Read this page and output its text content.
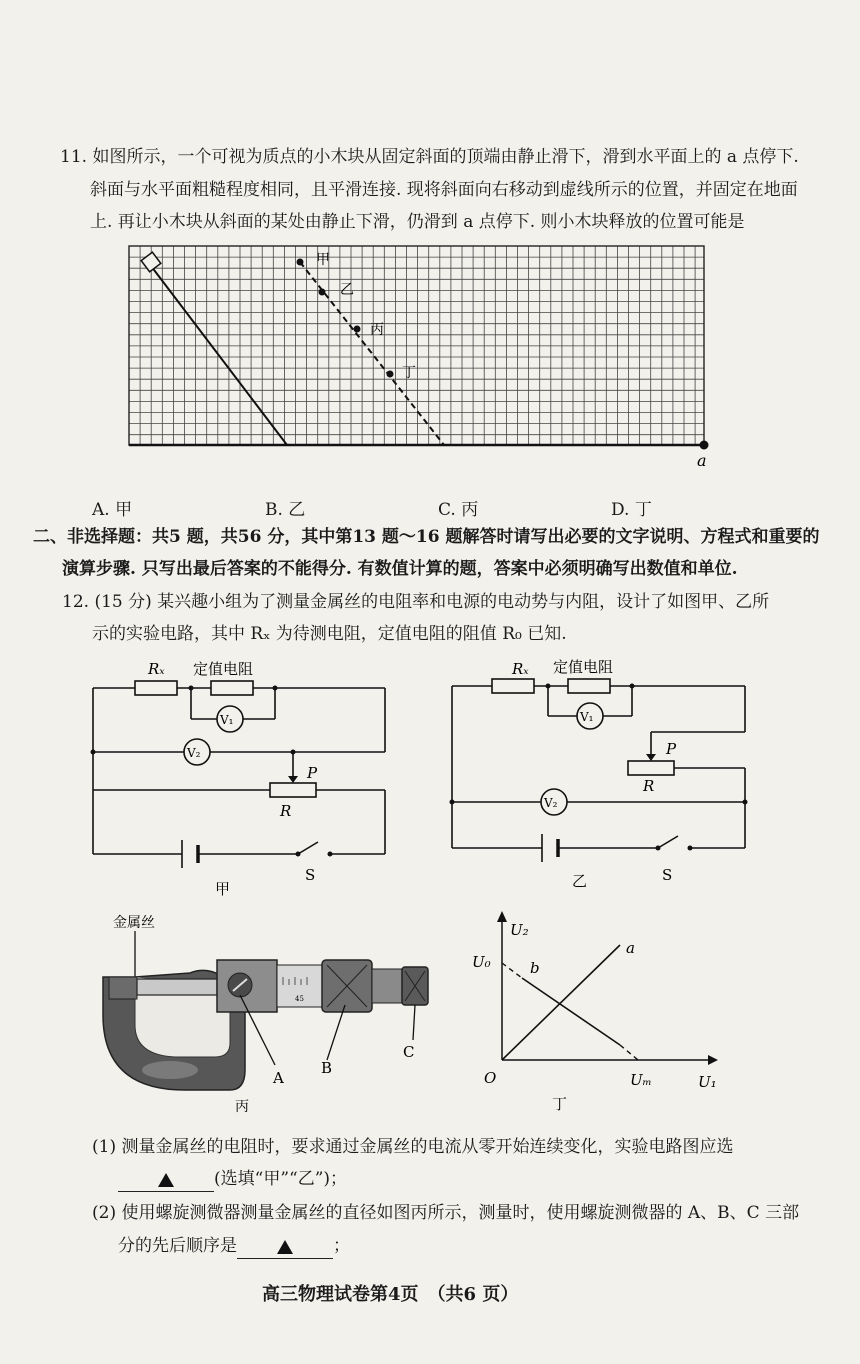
11. 如图所示，一个可视为质点的小木块从固定斜面的顶端由静止滑下，滑到水平面上的 a 点停下.
斜面与水平面粗糙程度相同，且平滑连接. 现将斜面向右移动到虚线所示的位置，并固定在地面
上. 再让小木块从斜面的某处由静止下滑，仍滑到 a 点停下. 则小木块释放的位置可能是
甲
乙
丙
丁
a
A. 甲	B. 乙	C. 丙	D. 丁
二、非选择题：共5 题，共56 分，其中第13 题～16 题解答时请写出必要的文字说明、方程式和重要的
演算步骤. 只写出最后答案的不能得分. 有数值计算的题，答案中必须明确写出数值和单位.
12. (15 分) 某兴趣小组为了测量金属丝的电阻率和电源的电动势与内阻，设计了如图甲、乙所
示的实验电路，其中 Rₓ 为待测电阻，定值电阻的阻值 R₀ 已知.
Rₓ 定值电阻
V₁
V₂
P
R
S
甲
Rₓ 定值电阻
V₁
V₂
P
R
S
乙
金属丝
45
A
B
C
丙
U₂
U₀	b
a
O	Uₘ	U₁
丁
(1) 测量金属丝的电阻时，要求通过金属丝的电流从零开始连续变化，实验电路图应选
(选填“甲”“乙”)；
(2) 使用螺旋测微器测量金属丝的直径如图丙所示，测量时，使用螺旋测微器的 A、B、C 三部
分的先后顺序是	；
高三物理试卷第4页　（共6 页）
